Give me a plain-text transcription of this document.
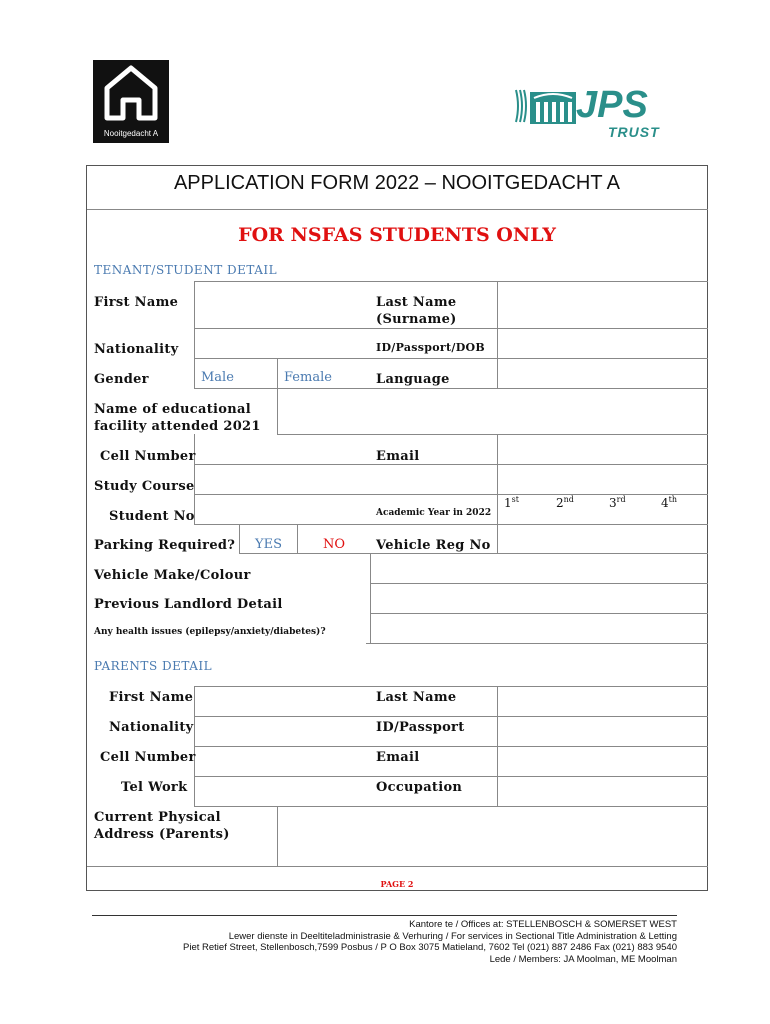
Nooitgedacht A
JPS
TRUST
APPLICATION FORM 2022 – NOOITGEDACHT A
FOR NSFAS STUDENTS ONLY
TENANT/STUDENT DETAIL
First Name	Last Name (Surname)
Nationality	ID/Passport/DOB
Gender	Male	Female	Language
Name of educational facility attended 2021
Cell Number	Email
Study Course
Student No	Academic Year in 2022
1st	2nd	3rd	4th
Parking Required? YES	NO Vehicle Reg No
Vehicle Make/Colour
Previous Landlord Detail
Any health issues (epilepsy/anxiety/diabetes)?
PARENTS DETAIL
First Name	Last Name
Nationality	ID/Passport
Cell Number	Email
Tel Work	Occupation
Current Physical Address (Parents)
PAGE 2
Kantore te / Offices at: STELLENBOSCH & SOMERSET WEST
Lewer dienste in Deeltiteladministrasie & Verhuring / For services in Sectional Title Administration & Letting
Piet Retief Street, Stellenbosch,7599 Posbus / P O Box 3075 Matieland, 7602 Tel (021) 887 2486 Fax (021) 883 9540
Lede / Members: JA Moolman, ME Moolman
